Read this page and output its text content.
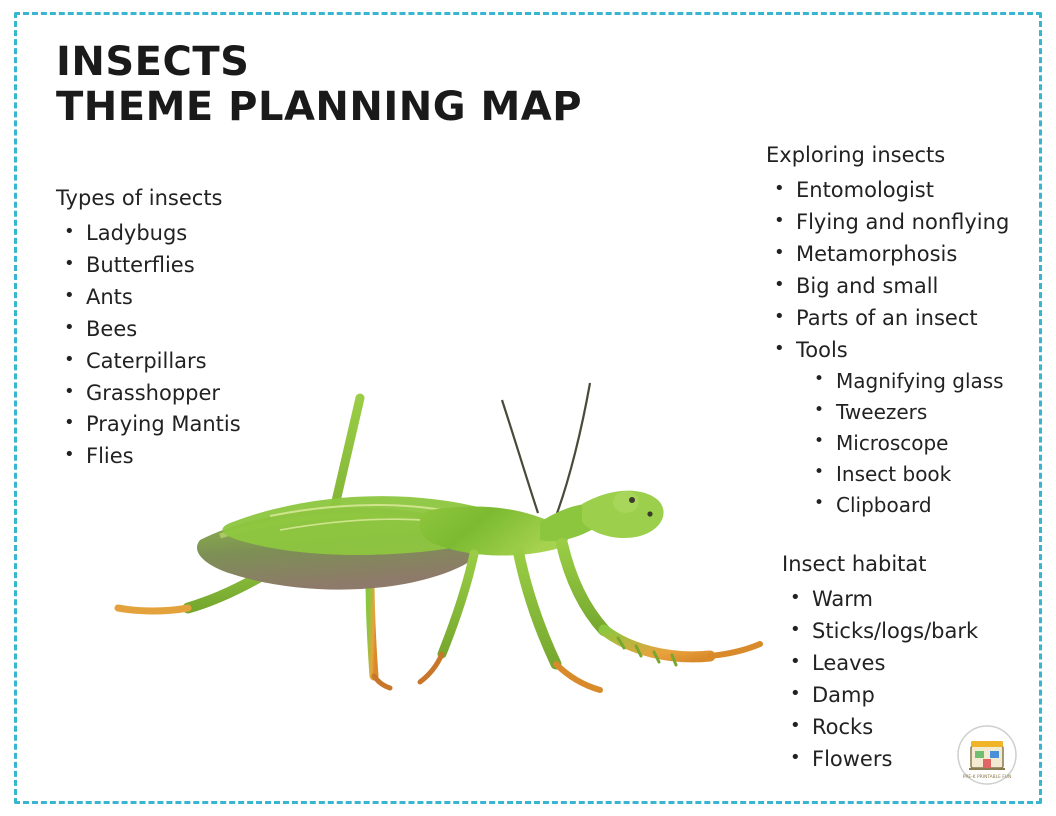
INSECTS
THEME PLANNING MAP
Types of insects
• Ladybugs
• Butterflies
• Ants
• Bees
• Caterpillars
• Grasshopper
• Praying Mantis
• Flies
Exploring insects
• Entomologist
• Flying and nonflying
• Metamorphosis
• Big and small
• Parts of an insect
• Tools
• Magnifying glass
• Tweezers
• Microscope
• Insect book
• Clipboard
Insect habitat
• Warm
• Sticks/logs/bark
• Leaves
• Damp
• Rocks
• Flowers
PRE-K PRINTABLE FUN
